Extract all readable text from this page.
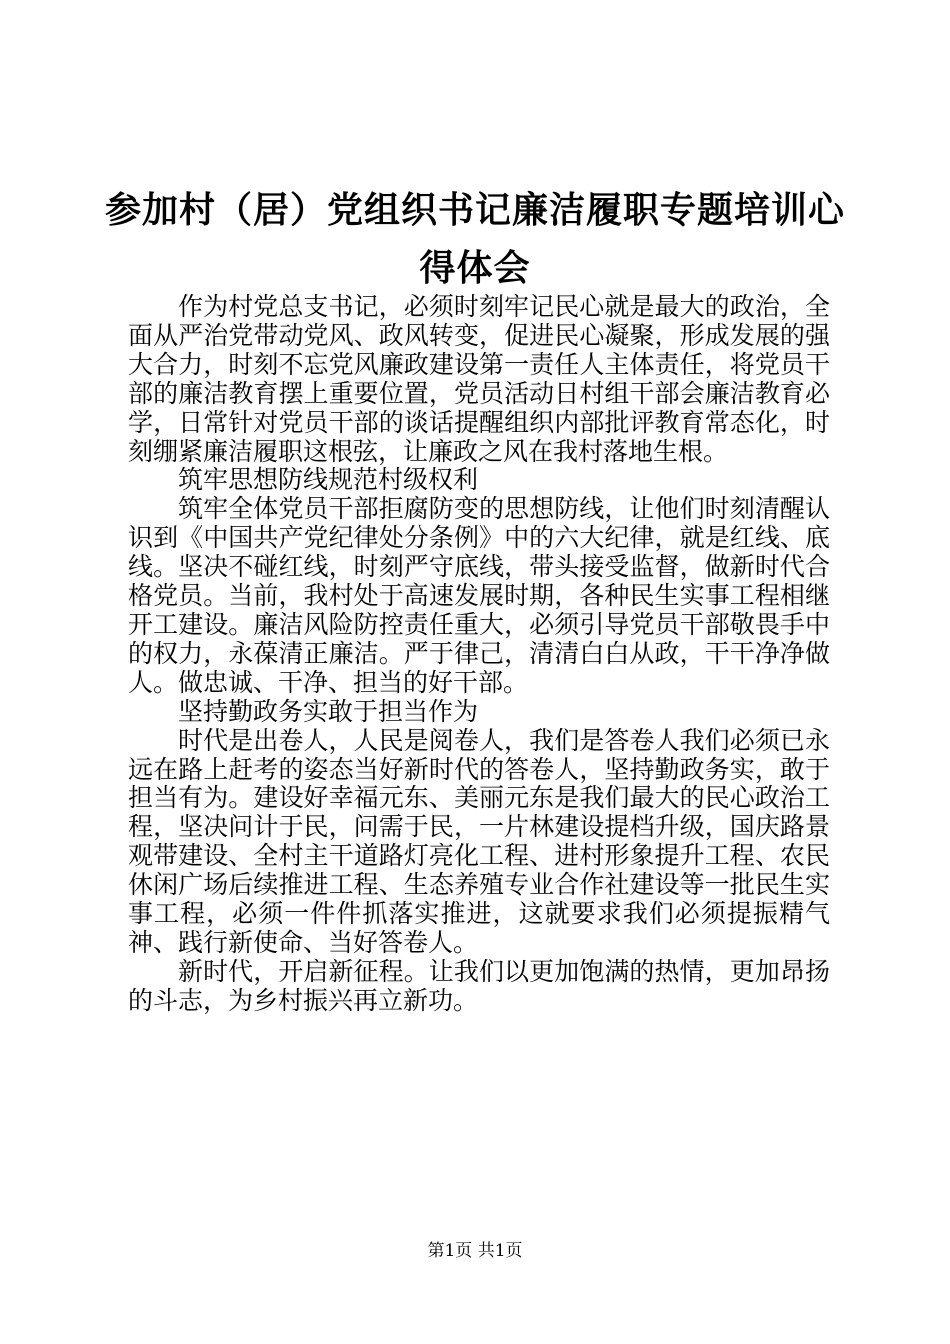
参加村（居）党组织书记廉洁履职专题培训心
得体会

作为村党总支书记，必须时刻牢记民心就是最大的政治，全面从严治党带动党风、政风转变，促进民心凝聚，形成发展的强大合力，时刻不忘党风廉政建设第一责任人主体责任，将党员干部的廉洁教育摆上重要位置，党员活动日村组干部会廉洁教育必学，日常针对党员干部的谈话提醒组织内部批评教育常态化，时刻绷紧廉洁履职这根弦，让廉政之风在我村落地生根。

筑牢思想防线规范村级权利

筑牢全体党员干部拒腐防变的思想防线，让他们时刻清醒认识到《中国共产党纪律处分条例》中的六大纪律，就是红线、底线。坚决不碰红线，时刻严守底线，带头接受监督，做新时代合格党员。当前，我村处于高速发展时期，各种民生实事工程相继开工建设。廉洁风险防控责任重大，必须引导党员干部敬畏手中的权力，永葆清正廉洁。严于律己，清清白白从政，干干净净做人。做忠诚、干净、担当的好干部。

坚持勤政务实敢于担当作为

时代是出卷人，人民是阅卷人，我们是答卷人我们必须已永远在路上赶考的姿态当好新时代的答卷人，坚持勤政务实，敢于担当有为。建设好幸福元东、美丽元东是我们最大的民心政治工程，坚决问计于民，问需于民，一片林建设提档升级，国庆路景观带建设、全村主干道路灯亮化工程、进村形象提升工程、农民休闲广场后续推进工程、生态养殖专业合作社建设等一批民生实事工程，必须一件件抓落实推进，这就要求我们必须提振精气神、践行新使命、当好答卷人。

新时代，开启新征程。让我们以更加饱满的热情，更加昂扬的斗志，为乡村振兴再立新功。

第1页 共1页
